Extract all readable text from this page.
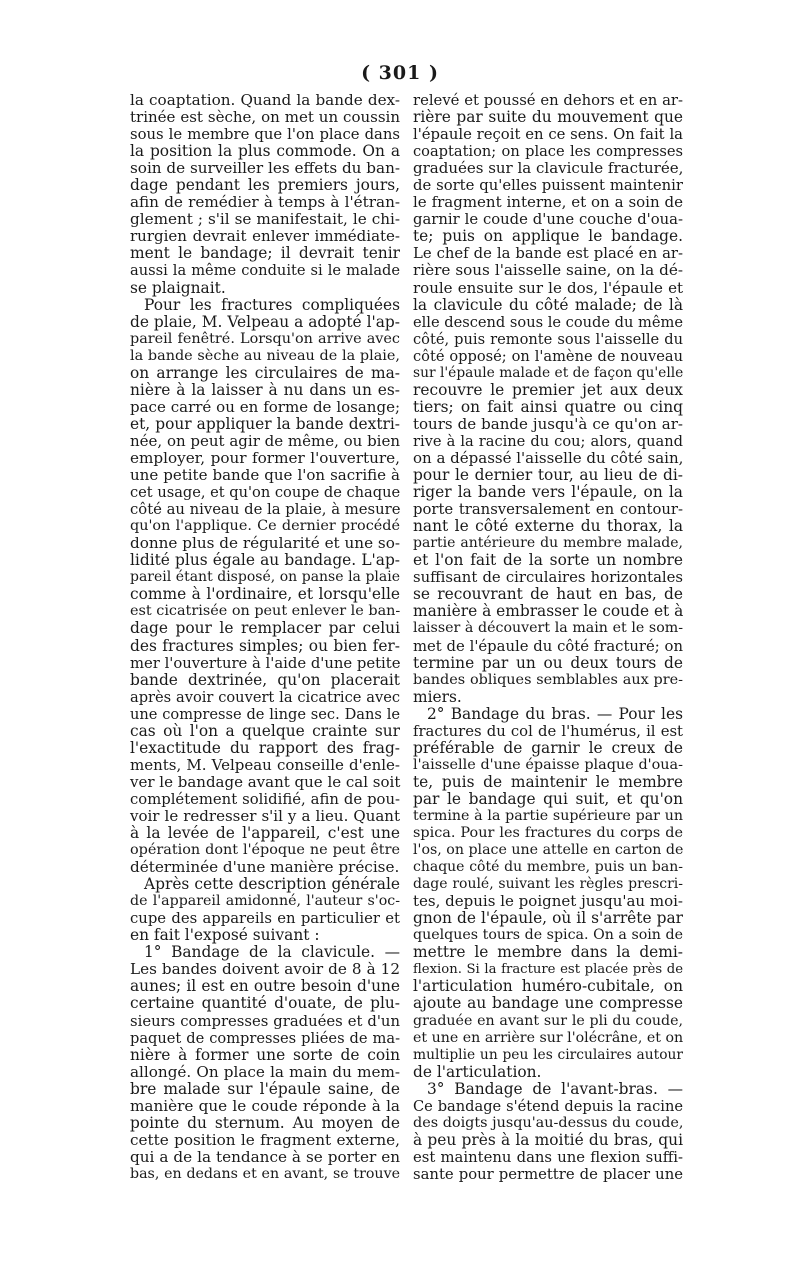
( 301 )
la coaptation. Quand la bande dex-
trinée est sèche, on met un coussin
sous le membre que l'on place dans
la position la plus commode. On a
soin de surveiller les effets du ban-
dage pendant les premiers jours,
afin de remédier à temps à l'étran-
glement ; s'il se manifestait, le chi-
rurgien devrait enlever immédiate-
ment le bandage; il devrait tenir
aussi la même conduite si le malade
se plaignait.
Pour les fractures compliquées
de plaie, M. Velpeau a adopté l'ap-
pareil fenêtré. Lorsqu'on arrive avec
la bande sèche au niveau de la plaie,
on arrange les circulaires de ma-
nière à la laisser à nu dans un es-
pace carré ou en forme de losange;
et, pour appliquer la bande dextri-
née, on peut agir de même, ou bien
employer, pour former l'ouverture,
une petite bande que l'on sacrifie à
cet usage, et qu'on coupe de chaque
côté au niveau de la plaie, à mesure
qu'on l'applique. Ce dernier procédé
donne plus de régularité et une so-
lidité plus égale au bandage. L'ap-
pareil étant disposé, on panse la plaie
comme à l'ordinaire, et lorsqu'elle
est cicatrisée on peut enlever le ban-
dage pour le remplacer par celui
des fractures simples; ou bien fer-
mer l'ouverture à l'aide d'une petite
bande dextrinée, qu'on placerait
après avoir couvert la cicatrice avec
une compresse de linge sec. Dans le
cas où l'on a quelque crainte sur
l'exactitude du rapport des frag-
ments, M. Velpeau conseille d'enle-
ver le bandage avant que le cal soit
complétement solidifié, afin de pou-
voir le redresser s'il y a lieu. Quant
à la levée de l'appareil, c'est une
opération dont l'époque ne peut être
déterminée d'une manière précise.
Après cette description générale
de l'appareil amidonné, l'auteur s'oc-
cupe des appareils en particulier et
en fait l'exposé suivant :
1° Bandage de la clavicule. —
Les bandes doivent avoir de 8 à 12
aunes; il est en outre besoin d'une
certaine quantité d'ouate, de plu-
sieurs compresses graduées et d'un
paquet de compresses pliées de ma-
nière à former une sorte de coin
allongé. On place la main du mem-
bre malade sur l'épaule saine, de
manière que le coude réponde à la
pointe du sternum. Au moyen de
cette position le fragment externe,
qui a de la tendance à se porter en
bas, en dedans et en avant, se trouve
relevé et poussé en dehors et en ar-
rière par suite du mouvement que
l'épaule reçoit en ce sens. On fait la
coaptation; on place les compresses
graduées sur la clavicule fracturée,
de sorte qu'elles puissent maintenir
le fragment interne, et on a soin de
garnir le coude d'une couche d'oua-
te; puis on applique le bandage.
Le chef de la bande est placé en ar-
rière sous l'aisselle saine, on la dé-
roule ensuite sur le dos, l'épaule et
la clavicule du côté malade; de là
elle descend sous le coude du même
côté, puis remonte sous l'aisselle du
côté opposé; on l'amène de nouveau
sur l'épaule malade et de façon qu'elle
recouvre le premier jet aux deux
tiers; on fait ainsi quatre ou cinq
tours de bande jusqu'à ce qu'on ar-
rive à la racine du cou; alors, quand
on a dépassé l'aisselle du côté sain,
pour le dernier tour, au lieu de di-
riger la bande vers l'épaule, on la
porte transversalement en contour-
nant le côté externe du thorax, la
partie antérieure du membre malade,
et l'on fait de la sorte un nombre
suffisant de circulaires horizontales
se recouvrant de haut en bas, de
manière à embrasser le coude et à
laisser à découvert la main et le som-
met de l'épaule du côté fracturé; on
termine par un ou deux tours de
bandes obliques semblables aux pre-
miers.
2° Bandage du bras. — Pour les
fractures du col de l'humérus, il est
préférable de garnir le creux de
l'aisselle d'une épaisse plaque d'oua-
te, puis de maintenir le membre
par le bandage qui suit, et qu'on
termine à la partie supérieure par un
spica. Pour les fractures du corps de
l'os, on place une attelle en carton de
chaque côté du membre, puis un ban-
dage roulé, suivant les règles prescri-
tes, depuis le poignet jusqu'au moi-
gnon de l'épaule, où il s'arrête par
quelques tours de spica. On a soin de
mettre le membre dans la demi-
flexion. Si la fracture est placée près de
l'articulation huméro-cubitale, on
ajoute au bandage une compresse
graduée en avant sur le pli du coude,
et une en arrière sur l'olécrâne, et on
multiplie un peu les circulaires autour
de l'articulation.
3° Bandage de l'avant-bras. —
Ce bandage s'étend depuis la racine
des doigts jusqu'au-dessus du coude,
à peu près à la moitié du bras, qui
est maintenu dans une flexion suffi-
sante pour permettre de placer une
